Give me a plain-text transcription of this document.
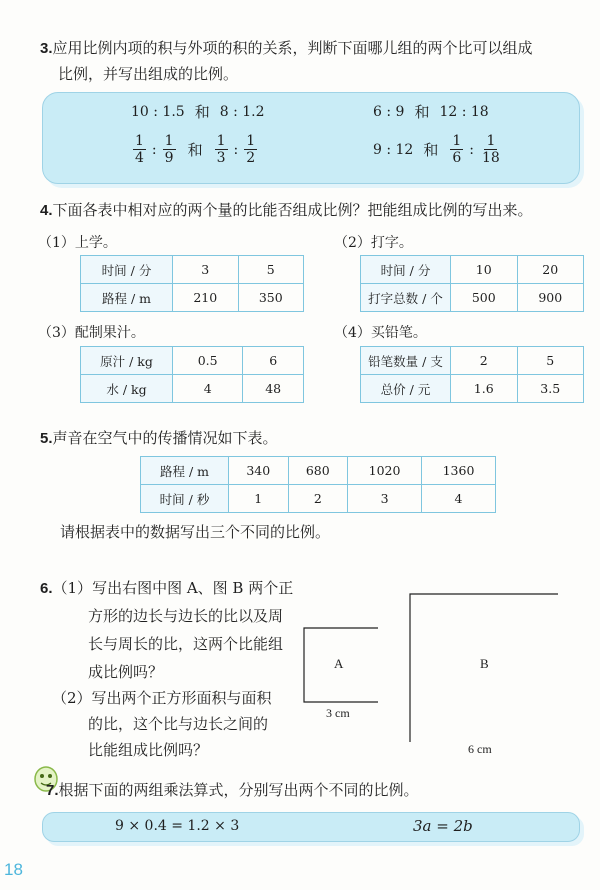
3.应用比例内项的积与外项的积的关系，判断下面哪儿组的两个比可以组成
比例，并写出组成的比例。
10 : 1.5 和 8 : 1.2	6 : 9 和 12 : 18
$\frac{1}{4}$ : $\frac{1}{9}$ 和 $\frac{1}{3}$ : $\frac{1}{2}$	9 : 12 和 $\frac{1}{6}$ : $\frac{1}{18}$
4.下面各表中相对应的两个量的比能否组成比例？把能组成比例的写出来。
（1）上学。
时间 / 分	3	5
路程 / m	210	350
（2）打字。
时间 / 分	10	20
打字总数 / 个	500	900
（3）配制果汁。
原汁 / kg	0.5	6
水 / kg	4	48
（4）买铅笔。
铅笔数量 / 支	2	5
总价 / 元	1.6	3.5
5.声音在空气中的传播情况如下表。
路程 / m	340	680	1020	1360
时间 / 秒	1	2	3	4
请根据表中的数据写出三个不同的比例。
6.（1）写出右图中图 A、图 B 两个正
方形的边长与边长的比以及周
长与周长的比，这两个比能组
成比例吗？
（2）写出两个正方形面积与面积
的比，这个比与边长之间的
比能组成比例吗？
A	B
3 cm
6 cm
7.根据下面的两组乘法算式，分别写出两个不同的比例。
9 × 0.4 = 1.2 × 3	3a = 2b
18
